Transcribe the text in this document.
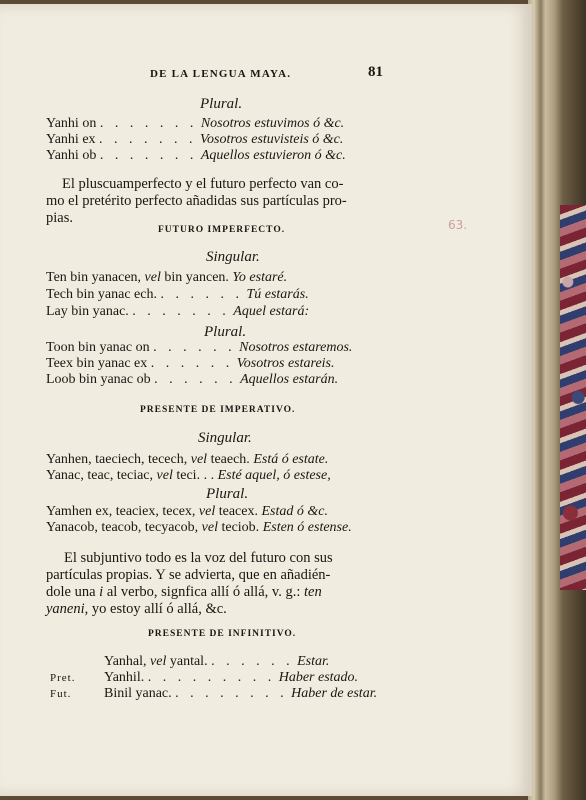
DE LA LENGUA MAYA.	81
63.
Plural.
Yanhi on . . . . . . . Nosotros estuvimos ó &c.
Yanhi ex . . . . . . . Vosotros estuvisteis ó &c.
Yanhi ob . . . . . . . Aquellos estuvieron ó &c.
El pluscuamperfecto y el futuro perfecto van co-
mo el pretérito perfecto añadidas sus partículas pro-
pias.
FUTURO IMPERFECTO.
Singular.
Ten bin yanacen, vel bin yancen. Yo estaré.
Tech bin yanac ech. . . . . . . Tú estarás.
Lay bin yanac. . . . . . . . Aquel estará:
Plural.
Toon bin yanac on . . . . . . Nosotros estaremos.
Teex bin yanac ex . . . . . . Vosotros estareis.
Loob bin yanac ob . . . . . . Aquellos estarán.
PRESENTE DE IMPERATIVO.
Singular.
Yanhen, taeciech, tecech, vel teaech. Está ó estate.
Yanac, teac, teciac, vel teci. . . Esté aquel, ó estese,
Plural.
Yamhen ex, teaciex, tecex, vel teacex. Estad ó &c.
Yanacob, teacob, tecyacob, vel teciob. Esten ó estense.
El subjuntivo todo es la voz del futuro con sus
partículas propias. Y se advierta, que en añadién-
dole una i al verbo, signfica allí ó allá, v. g.: ten
yaneni, yo estoy allí ó allá, &c.
PRESENTE DE INFINITIVO.
Yanhal, vel yantal. . . . . . . Estar.
Pret. Yanhil. . . . . . . . . . Haber estado.
Fut. Binil yanac. . . . . . . . . Haber de estar.
